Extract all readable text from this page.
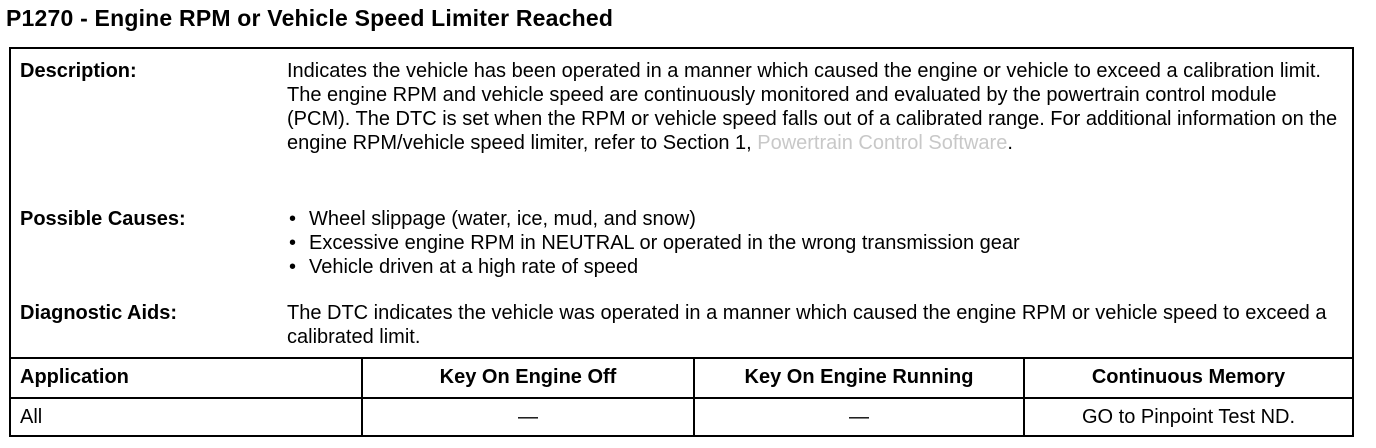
P1270 - Engine RPM or Vehicle Speed Limiter Reached
Description:	Indicates the vehicle has been operated in a manner which caused the engine or vehicle to exceed a calibration limit. The engine RPM and vehicle speed are continuously monitored and evaluated by the powertrain control module (PCM). The DTC is set when the RPM or vehicle speed falls out of a calibrated range. For additional information on the engine RPM/vehicle speed limiter, refer to Section 1, Powertrain Control Software.
Possible Causes:	• Wheel slippage (water, ice, mud, and snow)
• Excessive engine RPM in NEUTRAL or operated in the wrong transmission gear
• Vehicle driven at a high rate of speed
Diagnostic Aids:	The DTC indicates the vehicle was operated in a manner which caused the engine RPM or vehicle speed to exceed a calibrated limit.
Application	Key On Engine Off	Key On Engine Running	Continuous Memory
All	—	—	GO to Pinpoint Test ND.
